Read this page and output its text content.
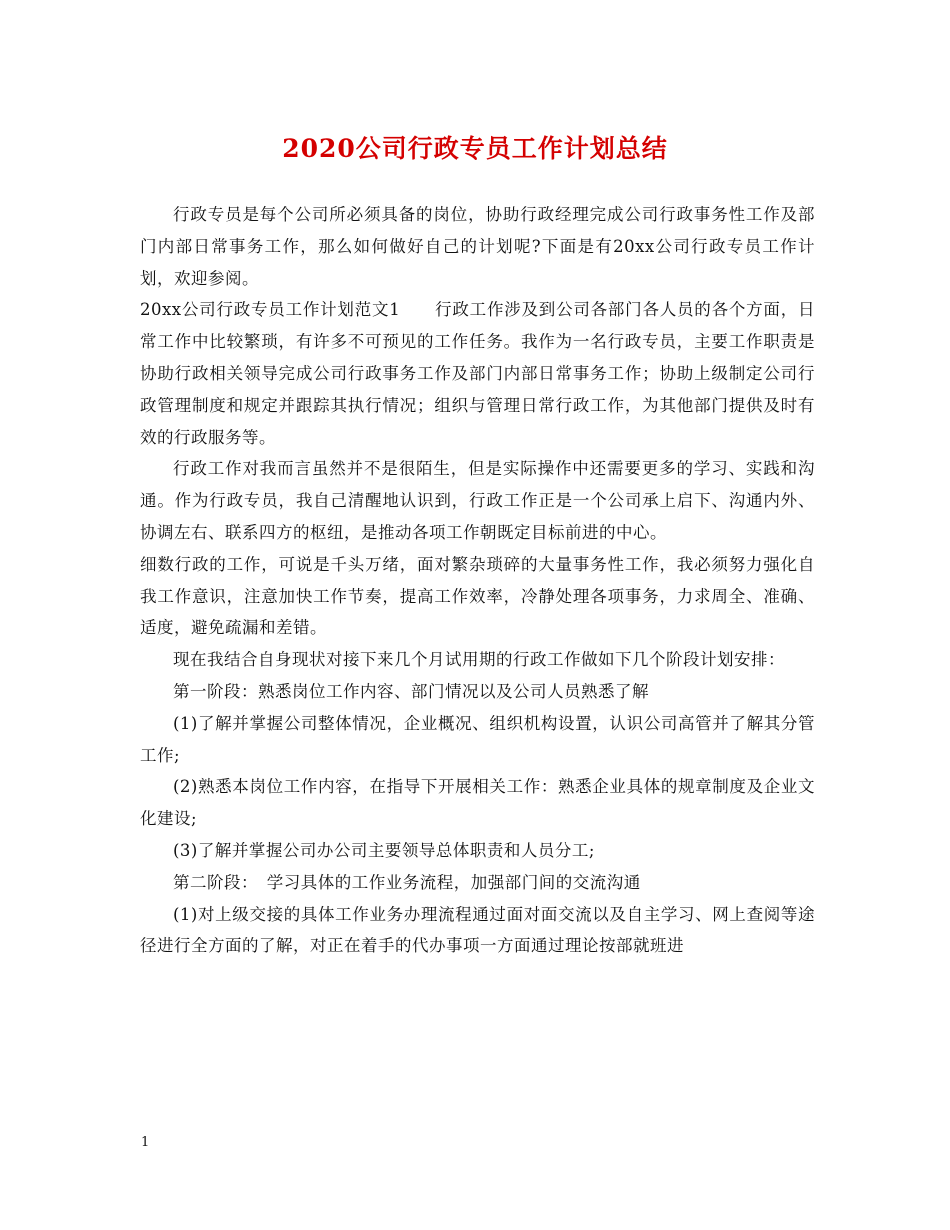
2020公司行政专员工作计划总结

行政专员是每个公司所必须具备的岗位，协助行政经理完成公司行政事务性工作及部门内部日常事务工作，那么如何做好自己的计划呢?下面是有20xx公司行政专员工作计划，欢迎参阅。

20xx公司行政专员工作计划范文1　　行政工作涉及到公司各部门各人员的各个方面，日常工作中比较繁琐，有许多不可预见的工作任务。我作为一名行政专员，主要工作职责是协助行政相关领导完成公司行政事务工作及部门内部日常事务工作；协助上级制定公司行政管理制度和规定并跟踪其执行情况；组织与管理日常行政工作，为其他部门提供及时有效的行政服务等。

行政工作对我而言虽然并不是很陌生，但是实际操作中还需要更多的学习、实践和沟通。作为行政专员，我自己清醒地认识到，行政工作正是一个公司承上启下、沟通内外、协调左右、联系四方的枢纽，是推动各项工作朝既定目标前进的中心。

细数行政的工作，可说是千头万绪，面对繁杂琐碎的大量事务性工作，我必须努力强化自我工作意识，注意加快工作节奏，提高工作效率，冷静处理各项事务，力求周全、准确、适度，避免疏漏和差错。

现在我结合自身现状对接下来几个月试用期的行政工作做如下几个阶段计划安排：

第一阶段：熟悉岗位工作内容、部门情况以及公司人员熟悉了解

(1)了解并掌握公司整体情况，企业概况、组织机构设置，认识公司高管并了解其分管工作;

(2)熟悉本岗位工作内容，在指导下开展相关工作：熟悉企业具体的规章制度及企业文化建设;

(3)了解并掌握公司办公司主要领导总体职责和人员分工;

第二阶段：　学习具体的工作业务流程，加强部门间的交流沟通

(1)对上级交接的具体工作业务办理流程通过面对面交流以及自主学习、网上查阅等途径进行全方面的了解，对正在着手的代办事项一方面通过理论按部就班进

1
